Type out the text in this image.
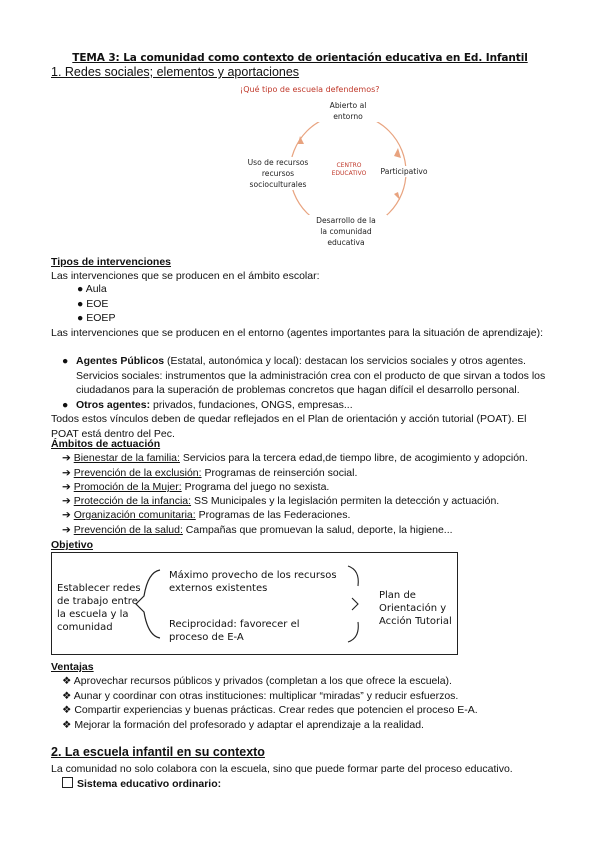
TEMA 3: La comunidad como contexto de orientación educativa en Ed. Infantil
1. Redes sociales; elementos y aportaciones
¡Qué tipo de escuela defendemos?
Abierto al
entorno
Uso de recursos
recursos
socioculturales
CENTRO
EDUCATIVO	Participativo
Desarrollo de la
la comunidad
educativa
Tipos de intervenciones
Las intervenciones que se producen en el ámbito escolar:
● Aula
● EOE
● EOEP
Las intervenciones que se producen en el entorno (agentes importantes para la situación de aprendizaje):
● Agentes Públicos (Estatal, autonómica y local): destacan los servicios sociales y otros agentes. Servicios sociales: instrumentos que la administración crea con el producto de que sirvan a todos los ciudadanos para la superación de problemas concretos que hagan difícil el desarrollo personal.
● Otros agentes: privados, fundaciones, ONGS, empresas...
Todos estos vínculos deben de quedar reflejados en el Plan de orientación y acción tutorial (POAT). El POAT está dentro del Pec.
Ámbitos de actuación
➔ Bienestar de la familia: Servicios para la tercera edad,de tiempo libre, de acogimiento y adopción.
➔ Prevención de la exclusión: Programas de reinserción social.
➔ Promoción de la Mujer: Programa del juego no sexista.
➔ Protección de la infancia: SS Municipales y la legislación permiten la detección y actuación.
➔ Organización comunitaria: Programas de las Federaciones.
➔ Prevención de la salud: Campañas que promuevan la salud, deporte, la higiene...
Objetivo
Establecer redes
de trabajo entre
la escuela y la
comunidad
Máximo provecho de los recursos
externos existentes
Reciprocidad: favorecer el
proceso de E-A
Plan de
Orientación y
Acción Tutorial
Ventajas
❖ Aprovechar recursos públicos y privados (completan a los que ofrece la escuela).
❖ Aunar y coordinar con otras instituciones: multiplicar “miradas” y reducir esfuerzos.
❖ Compartir experiencias y buenas prácticas. Crear redes que potencien el proceso E-A.
❖ Mejorar la formación del profesorado y adaptar el aprendizaje a la realidad.
2. La escuela infantil en su contexto
La comunidad no solo colabora con la escuela, sino que puede formar parte del proceso educativo.
Sistema educativo ordinario:
